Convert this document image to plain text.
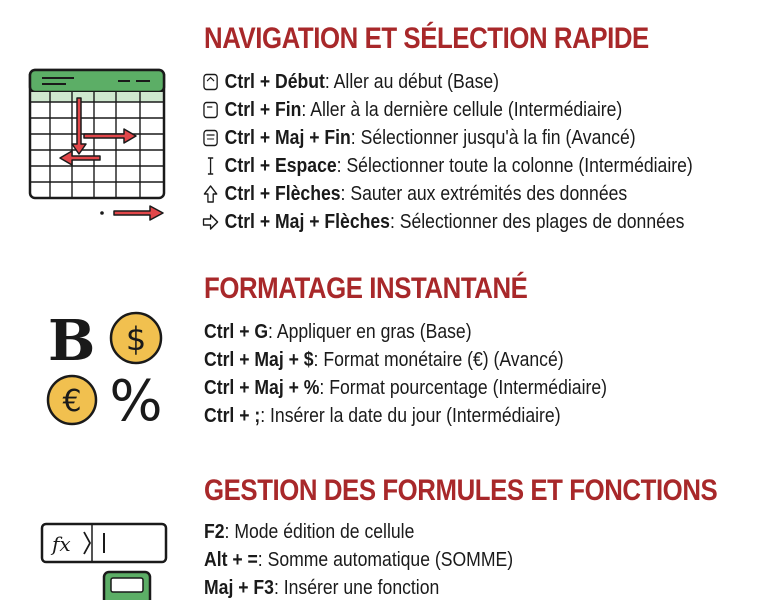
NAVIGATION ET SÉLECTION RAPIDE
Ctrl + Début : Aller au début (Base)
Ctrl + Fin : Aller à la dernière cellule (Intermédiaire)
Ctrl + Maj + Fin : Sélectionner jusqu'à la fin (Avancé)
Ctrl + Espace : Sélectionner toute la colonne (Intermédiaire)
Ctrl + Flèches : Sauter aux extrémités des données
Ctrl + Maj + Flèches : Sélectionner des plages de données
FORMATAGE INSTANTANÉ
B $
€ %
Ctrl + G : Appliquer en gras (Base)
Ctrl + Maj + $ : Format monétaire (€) (Avancé)
Ctrl + Maj + % : Format pourcentage (Intermédiaire)
Ctrl + ; : Insérer la date du jour (Intermédiaire)
GESTION DES FORMULES ET FONCTIONS
fx
F2 : Mode édition de cellule
Alt + = : Somme automatique (SOMME)
Maj + F3 : Insérer une fonction
